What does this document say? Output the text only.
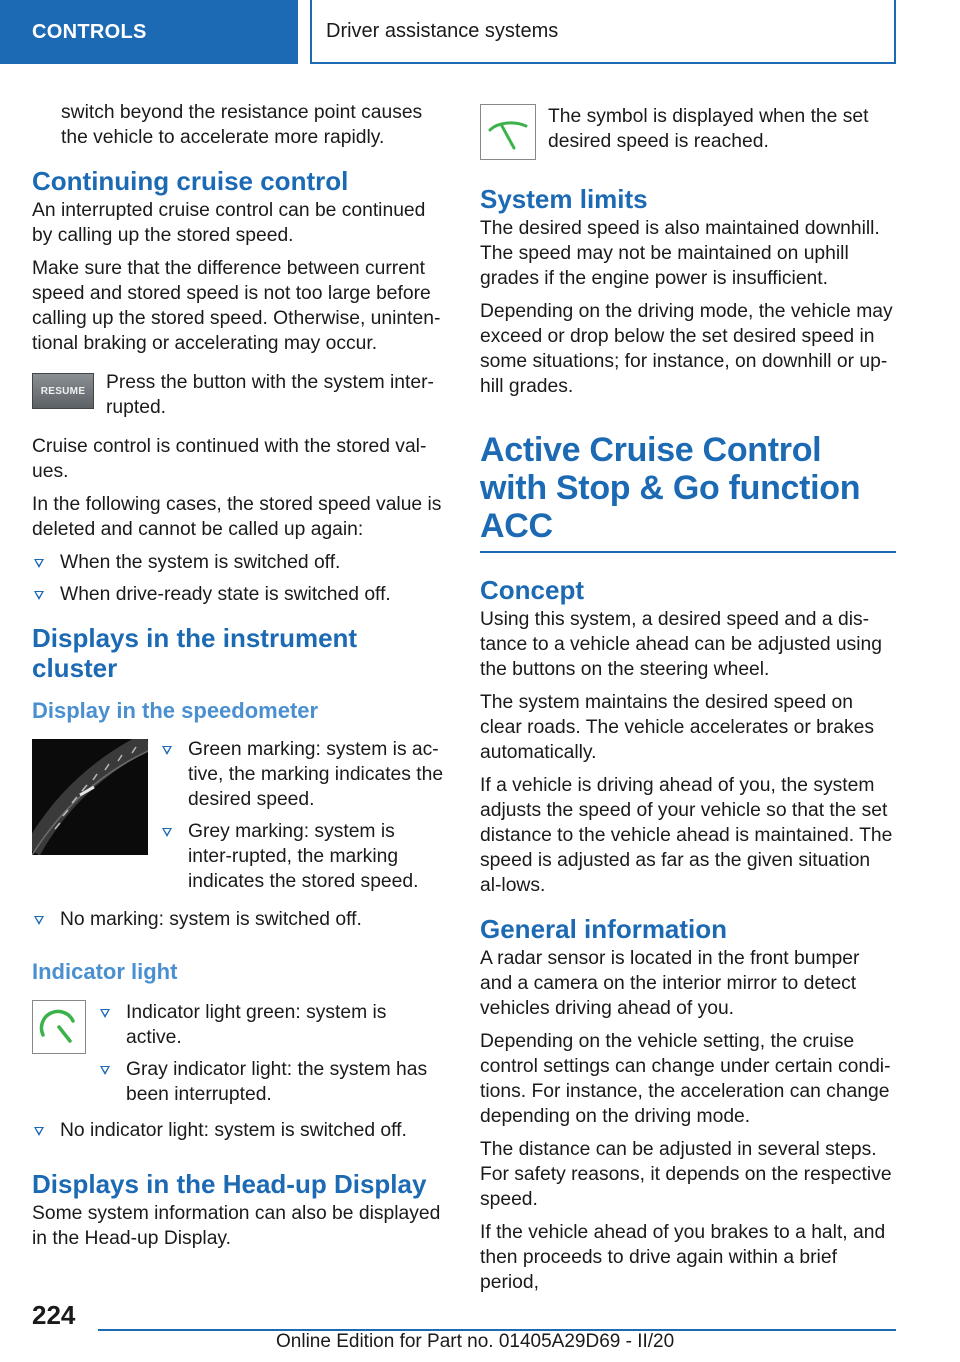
CONTROLS	Driver assistance systems

switch beyond the resistance point causes the vehicle to accelerate more rapidly.

Continuing cruise control

An interrupted cruise control can be continued by calling up the stored speed.

Make sure that the difference between current speed and stored speed is not too large before calling up the stored speed. Otherwise, uninten‐tional braking or accelerating may occur.

RESUME Press the button with the system inter‐rupted.

Cruise control is continued with the stored val‐ues.

In the following cases, the stored speed value is deleted and cannot be called up again:

When the system is switched off.
When drive-ready state is switched off.
Displays in the instrument cluster
Display in the speedometer
Green marking: system is ac‐tive, the marking indicates the desired speed.
Grey marking: system is inter‐rupted, the marking indicates the stored speed.
No marking: system is switched off.
Indicator light
Indicator light green: system is active.
Gray indicator light: the system has been interrupted.
No indicator light: system is switched off.
Displays in the Head-up Display

Some system information can also be displayed in the Head-up Display.

The symbol is displayed when the set desired speed is reached.

System limits

The desired speed is also maintained downhill. The speed may not be maintained on uphill grades if the engine power is insufficient.

Depending on the driving mode, the vehicle may exceed or drop below the set desired speed in some situations; for instance, on downhill or up‐hill grades.

Active Cruise Control with Stop & Go function ACC
Concept

Using this system, a desired speed and a dis‐tance to a vehicle ahead can be adjusted using the buttons on the steering wheel.

The system maintains the desired speed on clear roads. The vehicle accelerates or brakes automatically.

If a vehicle is driving ahead of you, the system adjusts the speed of your vehicle so that the set distance to the vehicle ahead is maintained. The speed is adjusted as far as the given situation al‐lows.

General information

A radar sensor is located in the front bumper and a camera on the interior mirror to detect vehicles driving ahead of you.

Depending on the vehicle setting, the cruise control settings can change under certain condi‐tions. For instance, the acceleration can change depending on the driving mode.

The distance can be adjusted in several steps. For safety reasons, it depends on the respective speed.

If the vehicle ahead of you brakes to a halt, and then proceeds to drive again within a brief period,

224
Online Edition for Part no. 01405A29D69 - II/20
